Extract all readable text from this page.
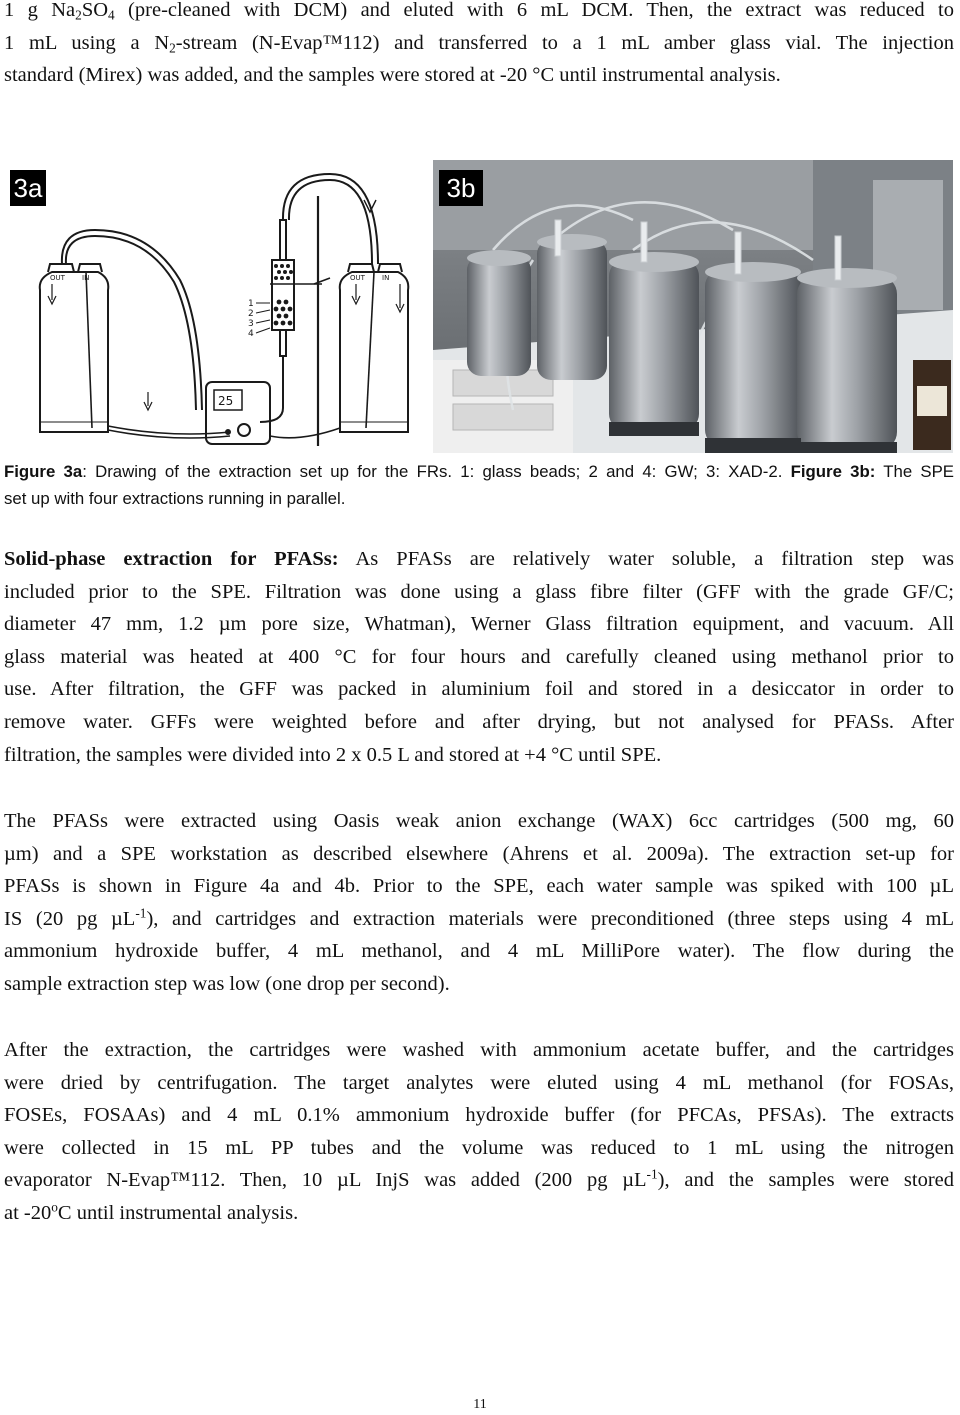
1 g $Na_2SO_4$ (pre-cleaned with DCM) and eluted with 6 mL DCM. Then, the extract was reduced to
1 mL using a $N_2$-stream (N-Evap™112) and transferred to a 1 mL amber glass vial. The injection
standard (Mirex) was added, and the samples were stored at -20 °C until instrumental analysis.

OUT IN	OUT IN
1
2
3
4
25
3a	3b

Figure 3a: Drawing of the extraction set up for the FRs. 1: glass beads; 2 and 4: GW; 3: XAD-2. Figure 3b: The SPE
set up with four extractions running in parallel.

Solid-phase extraction for PFASs: As PFASs are relatively water soluble, a filtration step was
included prior to the SPE. Filtration was done using a glass fibre filter (GFF with the grade GF/C;
diameter 47 mm, 1.2 µm pore size, Whatman), Werner Glass filtration equipment, and vacuum. All
glass material was heated at 400 °C for four hours and carefully cleaned using methanol prior to
use. After filtration, the GFF was packed in aluminium foil and stored in a desiccator in order to
remove water. GFFs were weighted before and after drying, but not analysed for PFASs. After
filtration, the samples were divided into 2 x 0.5 L and stored at +4 °C until SPE.

The PFASs were extracted using Oasis weak anion exchange (WAX) 6cc cartridges (500 mg, 60
µm) and a SPE workstation as described elsewhere (Ahrens et al. 2009a). The extraction set-up for
PFASs is shown in Figure 4a and 4b. Prior to the SPE, each water sample was spiked with 100 µL
IS (20 pg µL$^{-1}$), and cartridges and extraction materials were preconditioned (three steps using 4 mL
ammonium hydroxide buffer, 4 mL methanol, and 4 mL MilliPore water). The flow during the
sample extraction step was low (one drop per second).

After the extraction, the cartridges were washed with ammonium acetate buffer, and the cartridges
were dried by centrifugation. The target analytes were eluted using 4 mL methanol (for FOSAs,
FOSEs, FOSAAs) and 4 mL 0.1% ammonium hydroxide buffer (for PFCAs, PFSAs). The extracts
were collected in 15 mL PP tubes and the volume was reduced to 1 mL using the nitrogen
evaporator N-Evap™112. Then, 10 µL InjS was added (200 pg µL$^{-1}$), and the samples were stored
at -20$^o$C until instrumental analysis.

11
